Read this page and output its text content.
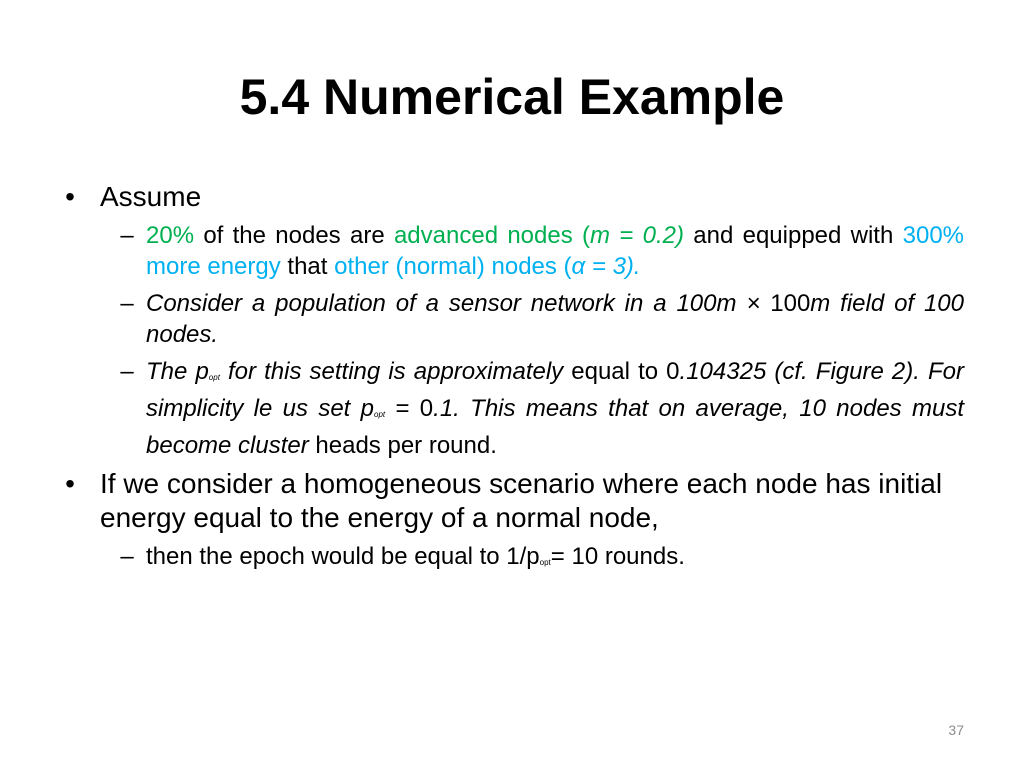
5.4 Numerical Example
• Assume
– 20% of the nodes are advanced nodes (m = 0.2) and equipped with 300% more energy that other (normal) nodes (α = 3).
– Consider a population of a sensor network in a 100m × 100m field of 100 nodes.
– The popt for this setting is approximately equal to 0.104325 (cf. Figure 2). For simplicity le us set popt = 0.1. This means that on average, 10 nodes must become cluster heads per round.
• If we consider a homogeneous scenario where each node has initial energy equal to the energy of a normal node,
– then the epoch would be equal to 1/popt= 10 rounds.
37
